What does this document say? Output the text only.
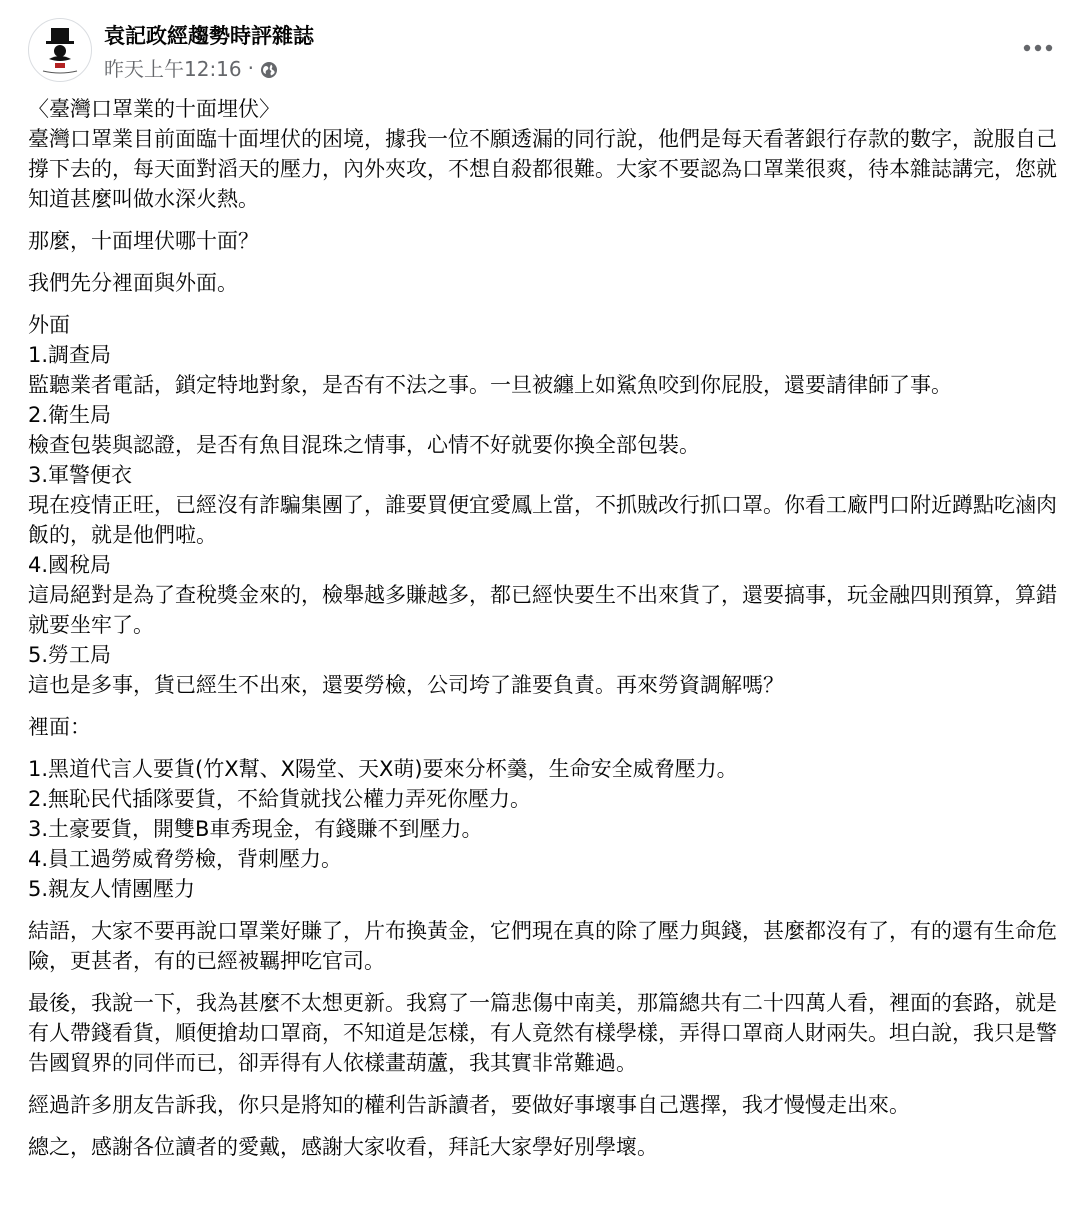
袁記政經趨勢時評雜誌
昨天上午12:16 ·
〈臺灣口罩業的十面埋伏〉
臺灣口罩業目前面臨十面埋伏的困境，據我一位不願透漏的同行說，他們是每天看著銀行存款的數字，說服自己撐下去的，每天面對滔天的壓力，內外夾攻，不想自殺都很難。大家不要認為口罩業很爽，待本雜誌講完，您就知道甚麼叫做水深火熱。
那麼，十面埋伏哪十面？
我們先分裡面與外面。
外面
1.調查局
監聽業者電話，鎖定特地對象，是否有不法之事。一旦被纏上如鯊魚咬到你屁股，還要請律師了事。
2.衛生局
檢查包裝與認證，是否有魚目混珠之情事，心情不好就要你換全部包裝。
3.軍警便衣
現在疫情正旺，已經沒有詐騙集團了，誰要買便宜愛鳳上當，不抓賊改行抓口罩。你看工廠門口附近蹲點吃滷肉飯的，就是他們啦。
4.國稅局
這局絕對是為了查稅獎金來的，檢舉越多賺越多，都已經快要生不出來貨了，還要搞事，玩金融四則預算，算錯就要坐牢了。
5.勞工局
這也是多事，貨已經生不出來，還要勞檢，公司垮了誰要負責。再來勞資調解嗎？
裡面：
1.黑道代言人要貨(竹X幫、X陽堂、天X萌)要來分杯羹，生命安全威脅壓力。
2.無恥民代插隊要貨，不給貨就找公權力弄死你壓力。
3.土豪要貨，開雙B車秀現金，有錢賺不到壓力。
4.員工過勞威脅勞檢，背刺壓力。
5.親友人情團壓力
結語，大家不要再說口罩業好賺了，片布換黃金，它們現在真的除了壓力與錢，甚麼都沒有了，有的還有生命危險，更甚者，有的已經被羈押吃官司。
最後，我說一下，我為甚麼不太想更新。我寫了一篇悲傷中南美，那篇總共有二十四萬人看，裡面的套路，就是有人帶錢看貨，順便搶劫口罩商，不知道是怎樣，有人竟然有樣學樣，弄得口罩商人財兩失。坦白說，我只是警告國貿界的同伴而已，卻弄得有人依樣畫葫蘆，我其實非常難過。
經過許多朋友告訴我，你只是將知的權利告訴讀者，要做好事壞事自己選擇，我才慢慢走出來。
總之，感謝各位讀者的愛戴，感謝大家收看，拜託大家學好別學壞。
